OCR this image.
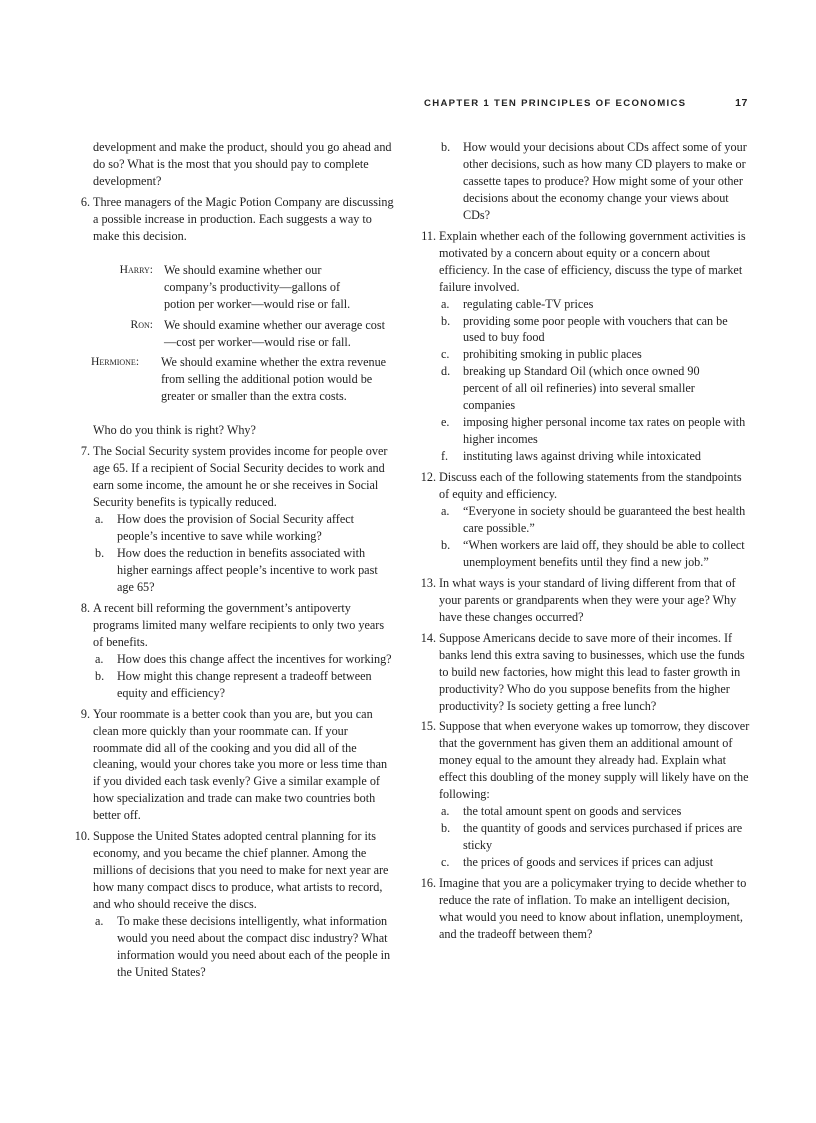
CHAPTER 1 TEN PRINCIPLES OF ECONOMICS	17
development and make the product, should you go ahead and do so? What is the most that you should pay to complete development?
6. Three managers of the Magic Potion Company are discussing a possible increase in production. Each suggests a way to make this decision.
Harry: We should examine whether our company’s productivity—gallons of potion per worker—would rise or fall.
Ron: We should examine whether our average cost—cost per worker—would rise or fall.
Hermione:	We should examine whether the extra revenue from selling the additional potion would be greater or smaller than the extra costs.
Who do you think is right? Why?
7. The Social Security system provides income for people over age 65. If a recipient of Social Security decides to work and earn some income, the amount he or she receives in Social Security benefits is typically reduced.
a. How does the provision of Social Security affect people’s incentive to save while working?
b. How does the reduction in benefits associated with higher earnings affect people’s incentive to work past age 65?
8. A recent bill reforming the government’s antipoverty programs limited many welfare recipients to only two years of benefits.
a. How does this change affect the incentives for working?
b. How might this change represent a tradeoff between equity and efficiency?
9. Your roommate is a better cook than you are, but you can clean more quickly than your roommate can. If your roommate did all of the cooking and you did all of the cleaning, would your chores take you more or less time than if you divided each task evenly? Give a similar example of how specialization and trade can make two countries both better off.
10. Suppose the United States adopted central planning for its economy, and you became the chief planner. Among the millions of decisions that you need to make for next year are how many compact discs to produce, what artists to record, and who should receive the discs.
a. To make these decisions intelligently, what information would you need about the compact disc industry? What information would you need about each of the people in the United States?
b. How would your decisions about CDs affect some of your other decisions, such as how many CD players to make or cassette tapes to produce? How might some of your other decisions about the economy change your views about CDs?
11. Explain whether each of the following government activities is motivated by a concern about equity or a concern about efficiency. In the case of efficiency, discuss the type of market failure involved.
a. regulating cable-TV prices
b. providing some poor people with vouchers that can be used to buy food
c. prohibiting smoking in public places
d. breaking up Standard Oil (which once owned 90 percent of all oil refineries) into several smaller companies
e. imposing higher personal income tax rates on people with higher incomes
f. instituting laws against driving while intoxicated
12. Discuss each of the following statements from the standpoints of equity and efficiency.
a. “Everyone in society should be guaranteed the best health care possible.”
b. “When workers are laid off, they should be able to collect unemployment benefits until they find a new job.”
13. In what ways is your standard of living different from that of your parents or grandparents when they were your age? Why have these changes occurred?
14. Suppose Americans decide to save more of their incomes. If banks lend this extra saving to businesses, which use the funds to build new factories, how might this lead to faster growth in productivity? Who do you suppose benefits from the higher productivity? Is society getting a free lunch?
15. Suppose that when everyone wakes up tomorrow, they discover that the government has given them an additional amount of money equal to the amount they already had. Explain what effect this doubling of the money supply will likely have on the following:
a. the total amount spent on goods and services
b. the quantity of goods and services purchased if prices are sticky
c. the prices of goods and services if prices can adjust
16. Imagine that you are a policymaker trying to decide whether to reduce the rate of inflation. To make an intelligent decision, what would you need to know about inflation, unemployment, and the tradeoff between them?
